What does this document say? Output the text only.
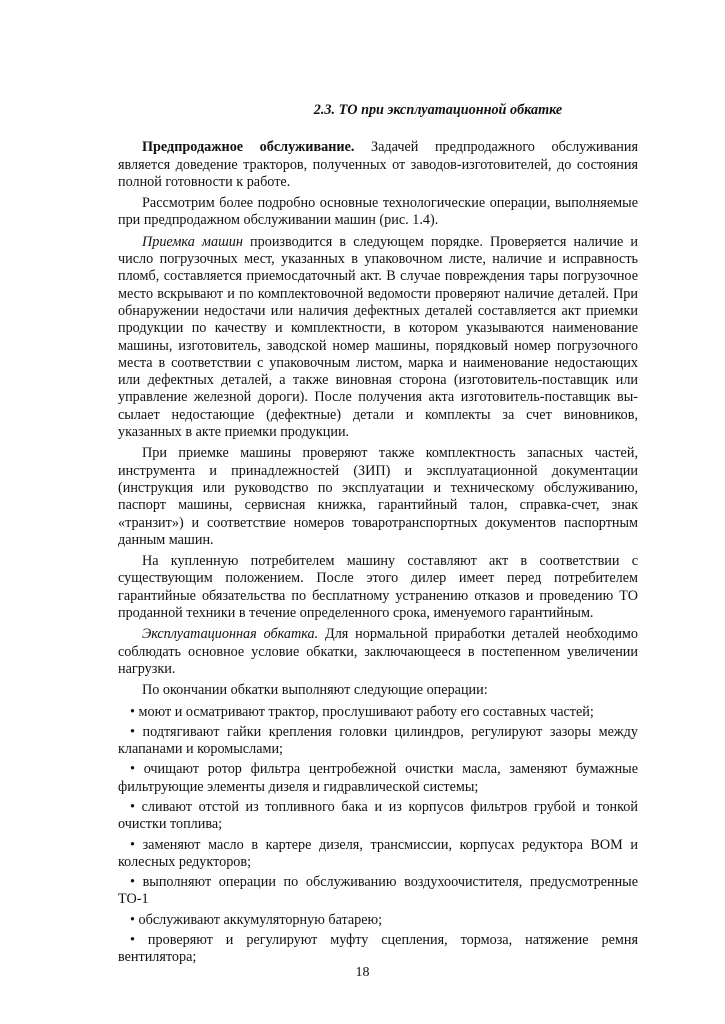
2.3. ТО при эксплуатационной обкатке

Предпродажное обслуживание. Задачей предпродажного обслуживания является доведение тракторов, полученных от заводов-изготовителей, до состояния полной готовности к работе.

Рассмотрим более подробно основные технологические операции, выполняемые при предпродажном обслуживании машин (рис. 1.4).

Приемка машин производится в следующем порядке. Проверяется наличие и число погрузочных мест, указанных в упаковочном листе, наличие и исправность пломб, составляется приемосдаточный акт. В случае повреждения тары погрузочное место вскрывают и по комплектовочной ведомости проверяют наличие деталей. При обнаружении недостачи или наличия дефектных деталей составляется акт приемки продукции по качеству и комплектности, в котором указываются наименование машины, изготовитель, заводской номер машины, порядковый номер погрузочного места в соответствии с упаковочным листом, марка и наименование недостающих или дефектных деталей, а также виновная сторона (изготовитель-поставщик или управление железной дороги). После получения акта изготовитель-поставщик вы-сылает недостающие (дефектные) детали и комплекты за счет виновников, указанных в акте приемки продукции.

При приемке машины проверяют также комплектность запасных частей, инструмента и принадлежностей (ЗИП) и эксплуатационной документации (инструкция или руководство по эксплуатации и техническому обслуживанию, паспорт машины, сервисная книжка, гарантийный талон, справка-счет, знак «транзит») и соответствие номеров товаротранспортных документов паспортным данным машин.

На купленную потребителем машину составляют акт в соответствии с существующим положением. После этого дилер имеет перед потребителем гарантийные обязательства по бесплатному устранению отказов и проведению ТО проданной техники в течение определенного срока, именуемого гарантийным.

Эксплуатационная обкатка. Для нормальной приработки деталей необходимо соблюдать основное условие обкатки, заключающееся в постепенном увеличении нагрузки.

По окончании обкатки выполняют следующие операции:

• моют и осматривают трактор, прослушивают работу его составных частей;

• подтягивают гайки крепления головки цилиндров, регулируют зазоры между клапанами и коромыслами;

• очищают ротор фильтра центробежной очистки масла, заменяют бумажные фильтрующие элементы дизеля и гидравлической системы;

• сливают отстой из топливного бака и из корпусов фильтров грубой и тонкой очистки топлива;

• заменяют масло в картере дизеля, трансмиссии, корпусах редуктора ВОМ и колесных редукторов;

• выполняют операции по обслуживанию воздухоочистителя, предусмотренные ТО-1

• обслуживают аккумуляторную батарею;

• проверяют и регулируют муфту сцепления, тормоза, натяжение ремня вентилятора;

18
